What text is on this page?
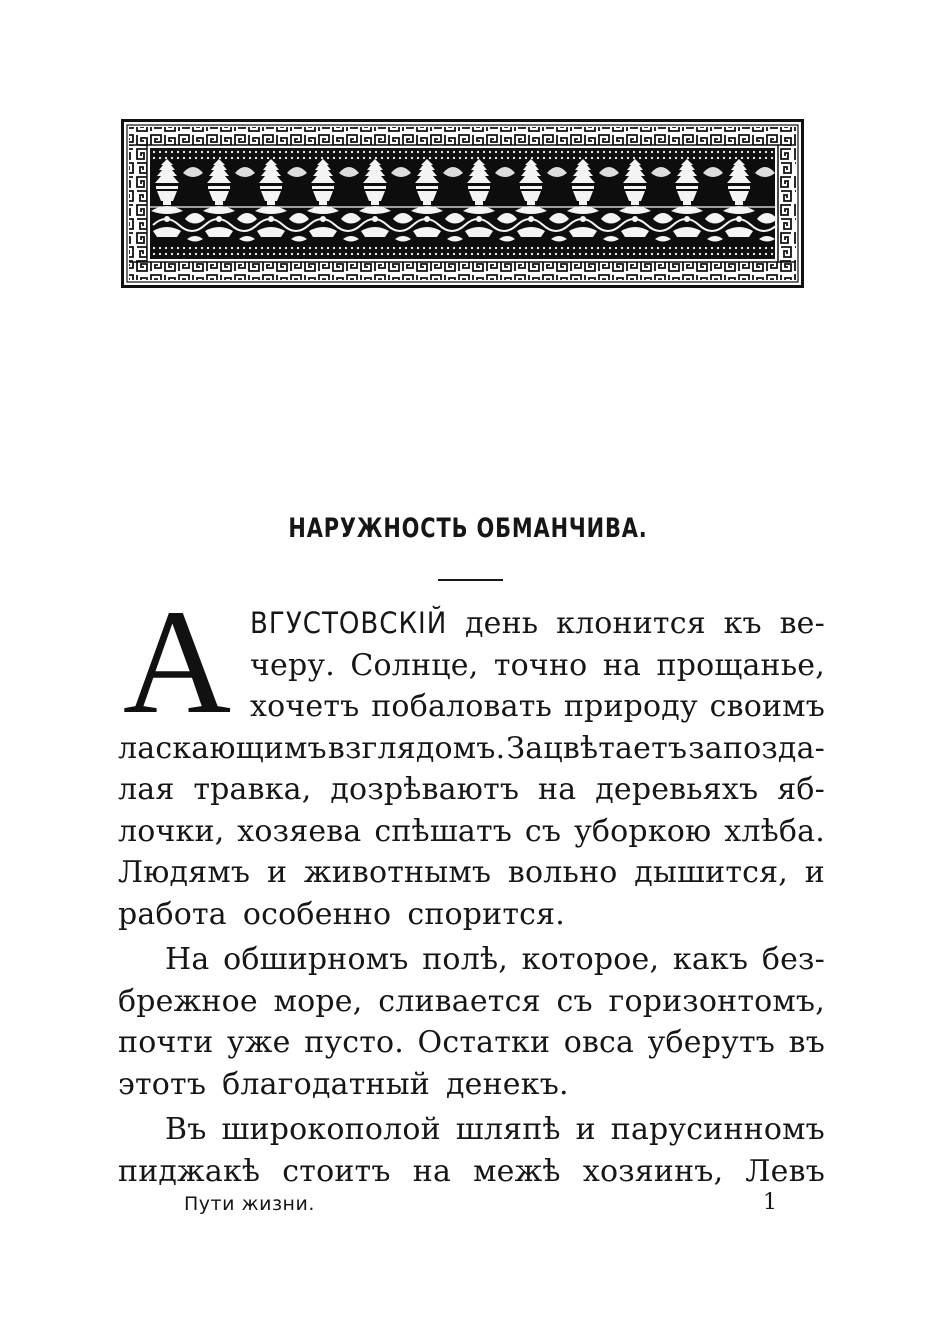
НАРУЖНОСТЬ ОБМАНЧИВА.
А ВГУСТОВСКIЙ день клонится къ ве-
черу. Солнце, точно на прощанье,
хочетъ побаловать природу своимъ
ласкающимъ взглядомъ. Зацвѣтаетъ запозда-
лая травка, дозрѣваютъ на деревьяхъ яб-
лочки, хозяева спѣшатъ съ уборкою хлѣба.
Людямъ и животнымъ вольно дышится, и
работа особенно спорится.
На обширномъ полѣ, которое, какъ без-
брежное море, сливается съ горизонтомъ,
почти уже пусто. Остатки овса уберутъ въ
этотъ благодатный денекъ.
Въ широкополой шляпѣ и парусинномъ
пиджакѣ стоитъ на межѣ хозяинъ, Левъ
Пути жизни.	1
